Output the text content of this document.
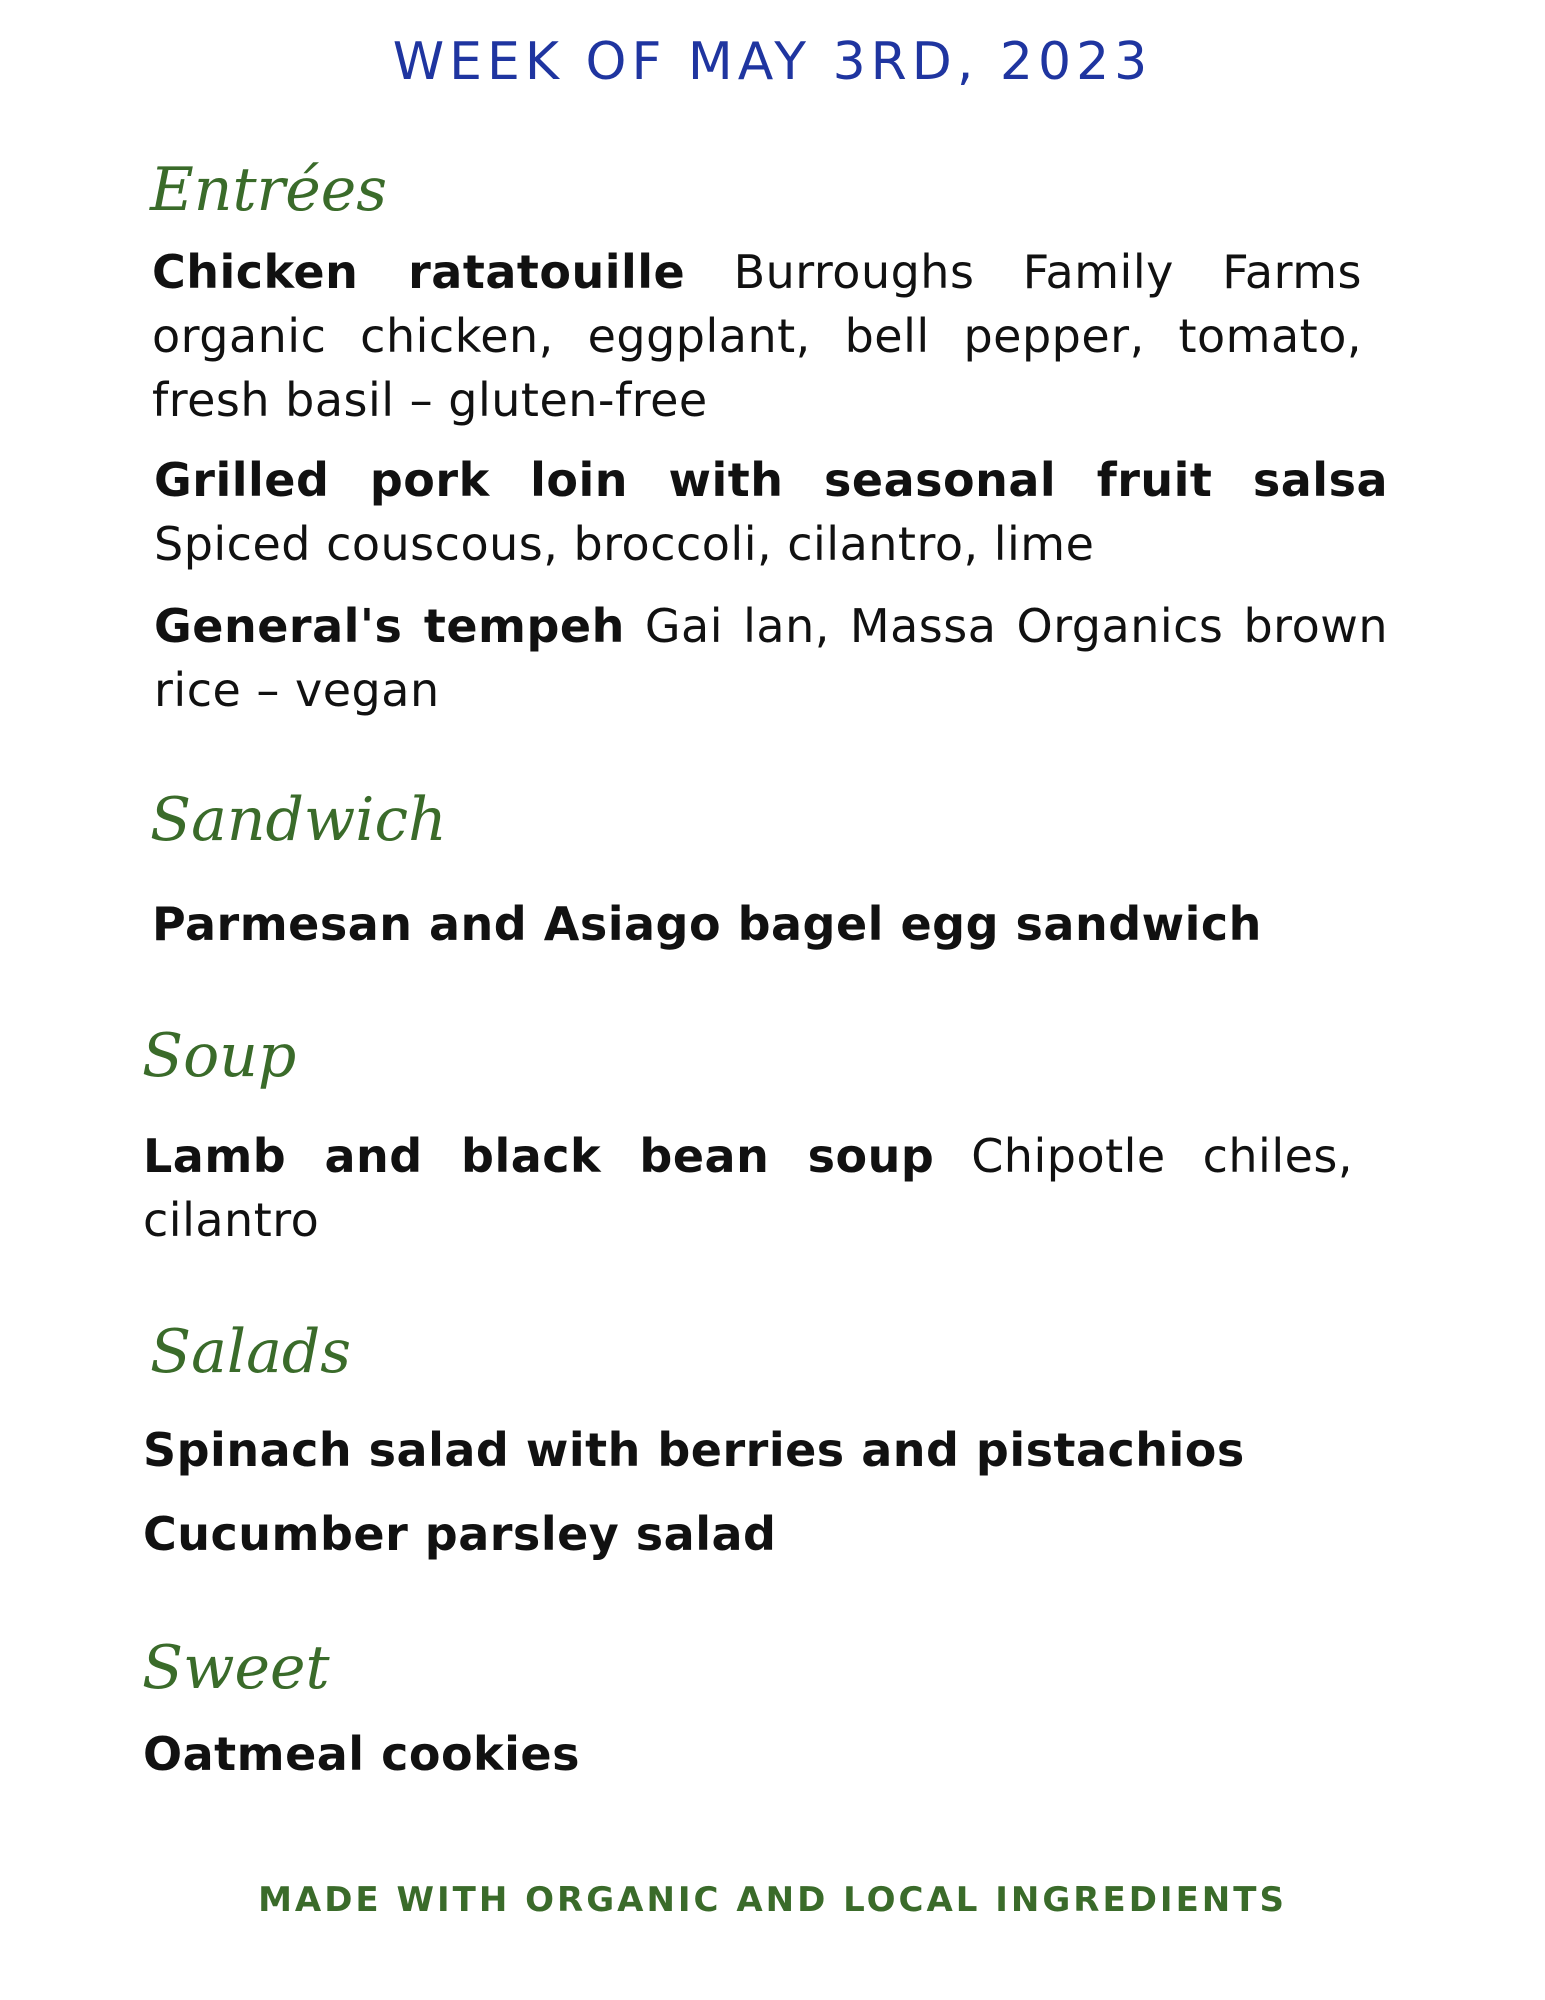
WEEK OF MAY 3RD, 2023
Entrées
Chicken ratatouille Burroughs Family Farms organic chicken, eggplant, bell pepper, tomato, fresh basil – gluten-free
Grilled pork loin with seasonal fruit salsa Spiced couscous, broccoli, cilantro, lime
General's tempeh Gai lan, Massa Organics brown rice – vegan
Sandwich
Parmesan and Asiago bagel egg sandwich
Soup
Lamb and black bean soup Chipotle chiles, cilantro
Salads
Spinach salad with berries and pistachios
Cucumber parsley salad
Sweet
Oatmeal cookies
MADE WITH ORGANIC AND LOCAL INGREDIENTS
